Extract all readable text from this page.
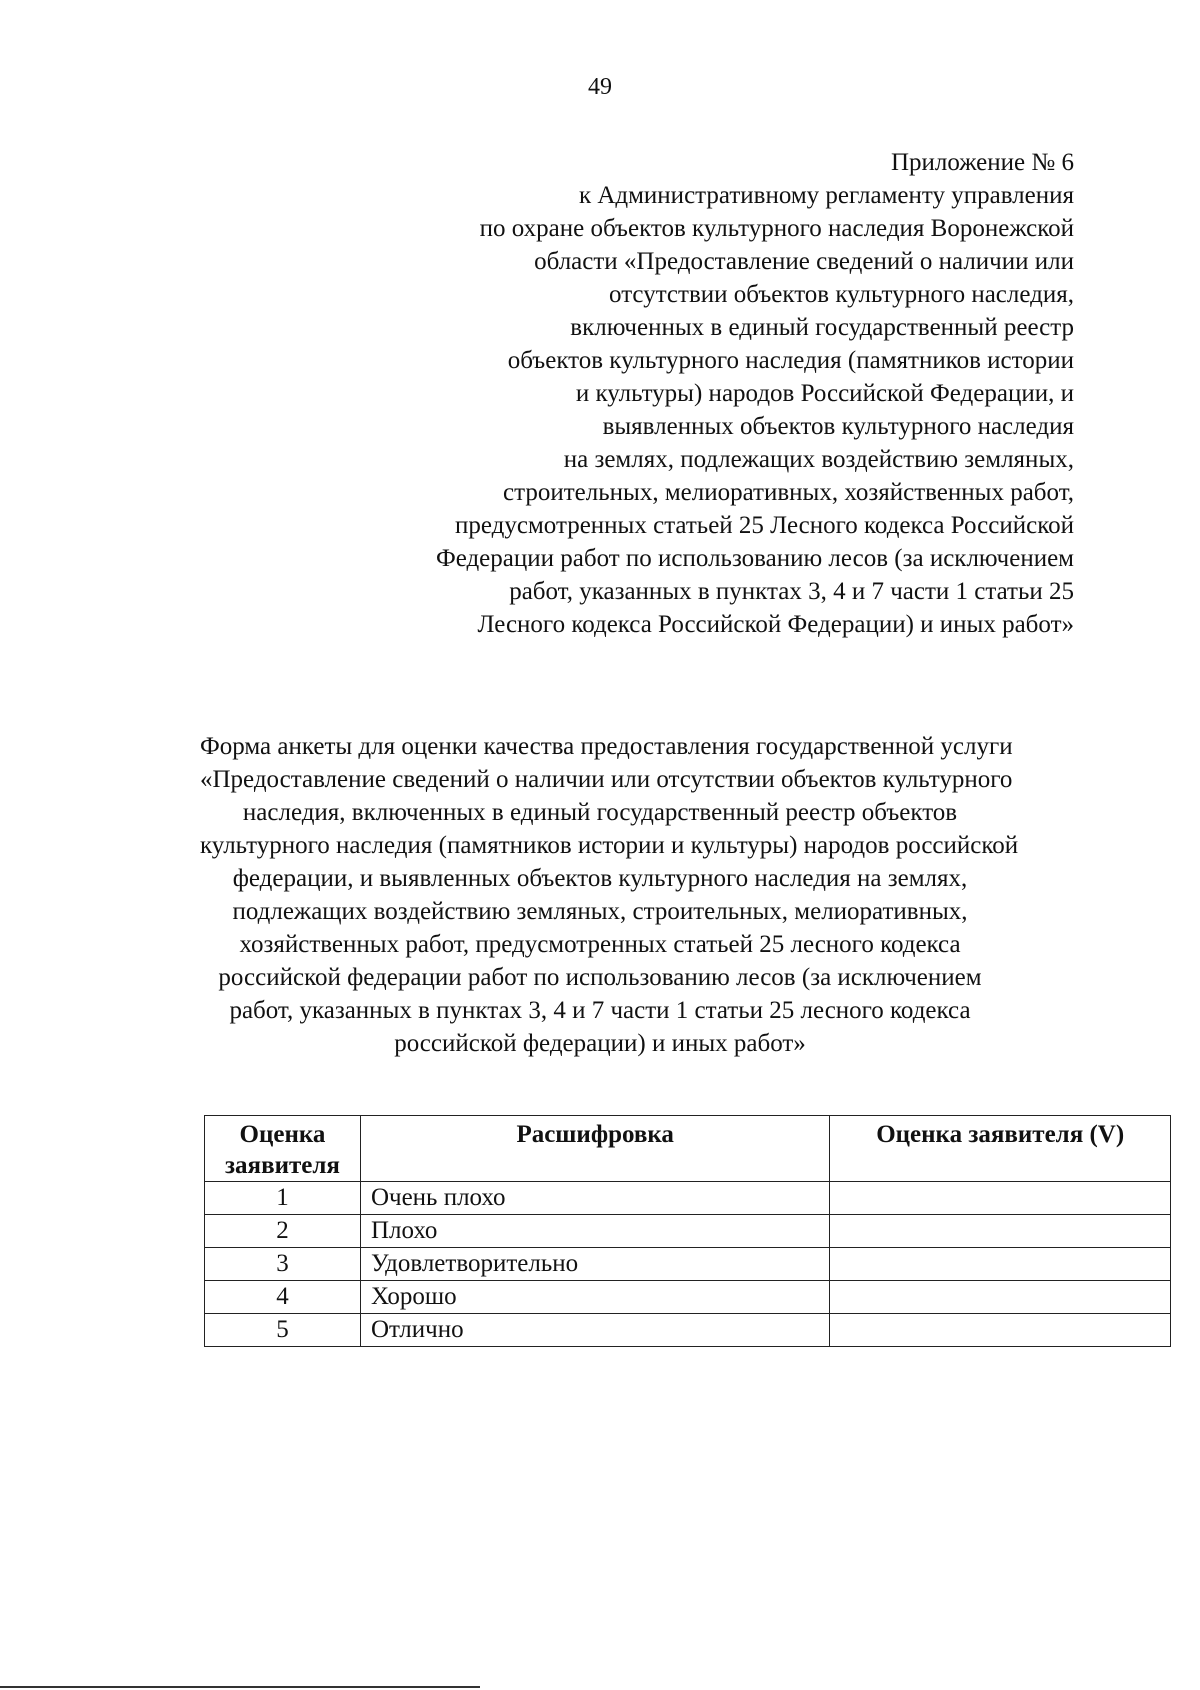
49
Приложение № 6
к Административному регламенту управления
по охране объектов культурного наследия Воронежской
области «Предоставление сведений о наличии или
отсутствии объектов культурного наследия,
включенных в единый государственный реестр
объектов культурного наследия (памятников истории
и культуры) народов Российской Федерации, и
выявленных объектов культурного наследия
на землях, подлежащих воздействию земляных,
строительных, мелиоративных, хозяйственных работ,
предусмотренных статьей 25 Лесного кодекса Российской
Федерации работ по использованию лесов (за исключением
работ, указанных в пунктах 3, 4 и 7 части 1 статьи 25
Лесного кодекса Российской Федерации) и иных работ»
Форма анкеты для оценки качества предоставления государственной услуги
«Предоставление сведений о наличии или отсутствии объектов культурного
наследия, включенных в единый государственный реестр объектов
культурного наследия (памятников истории и культуры) народов российской
федерации, и выявленных объектов культурного наследия на землях,
подлежащих воздействию земляных, строительных, мелиоративных,
хозяйственных работ, предусмотренных статьей 25 лесного кодекса
российской федерации работ по использованию лесов (за исключением
работ, указанных в пунктах 3, 4 и 7 части 1 статьи 25 лесного кодекса
российской федерации) и иных работ»
Оценка заявителя	Расшифровка	Оценка заявителя (V)
1	Очень плохо	
2	Плохо	
3	Удовлетворительно	
4	Хорошо	
5	Отлично	
